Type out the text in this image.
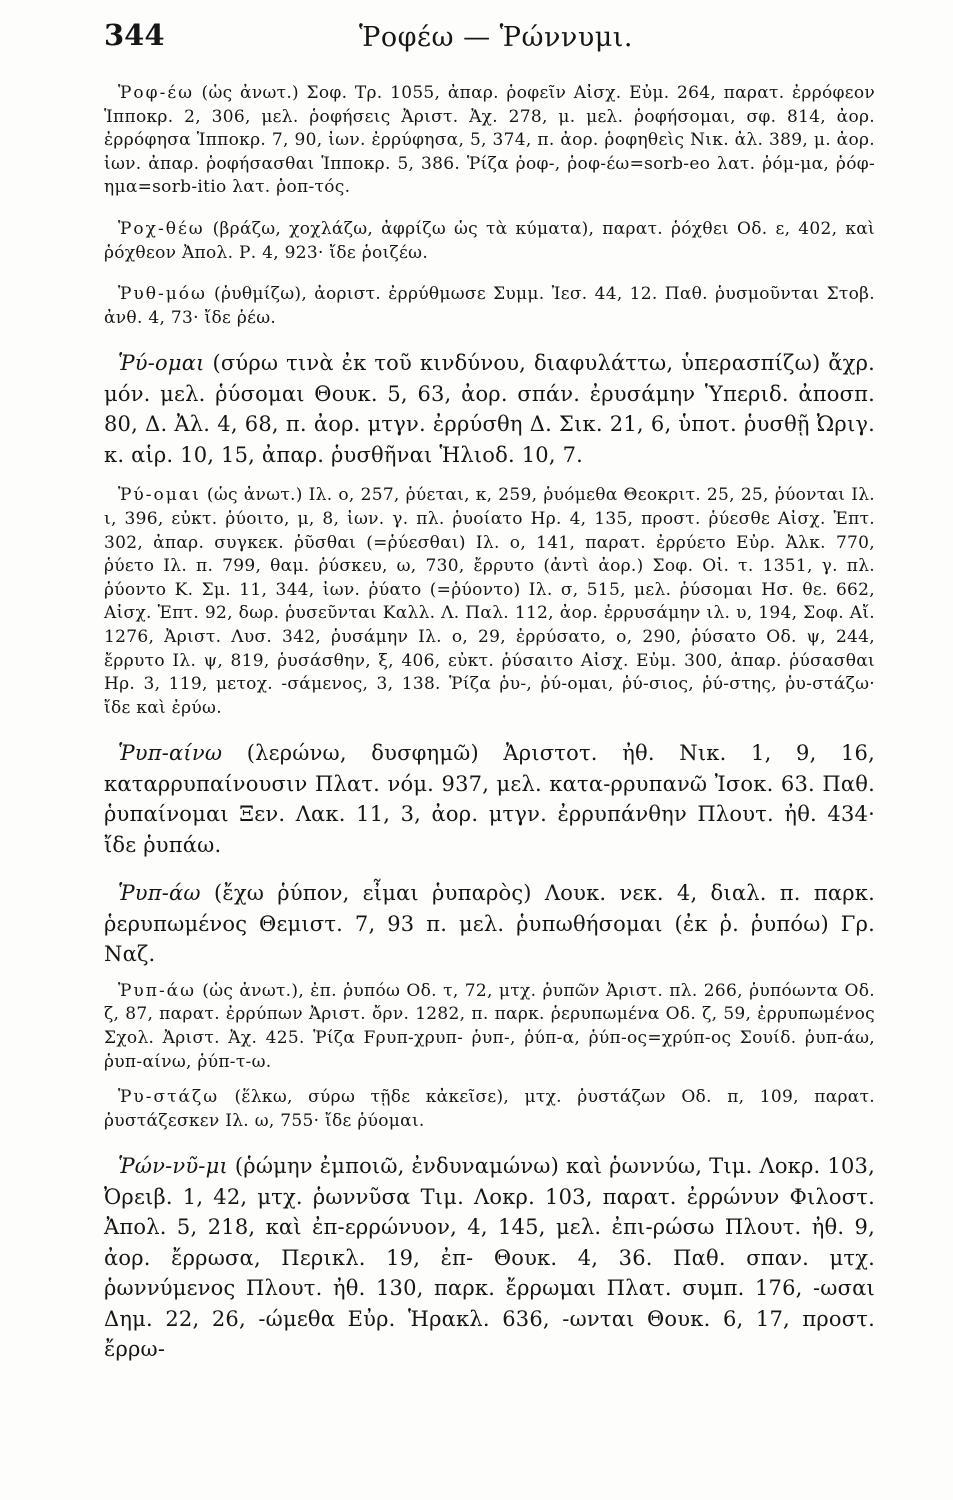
344	Ῥοφέω — Ῥώννυμι.

Ῥοφ-έω (ὡς ἀνωτ.) Σοφ. Τρ. 1055, ἀπαρ. ῥοφεῖν Αἰσχ. Εὐμ. 264, παρατ. ἐρρόφεον Ἱπποκρ. 2, 306, μελ. ῥοφήσεις Ἀριστ. Ἀχ. 278, μ. μελ. ῥοφήσομαι, σφ. 814, ἀορ. ἐρρόφησα Ἱπποκρ. 7, 90, ἰων. ἐρρύφησα, 5, 374, π. ἀορ. ῥοφηθεὶς Νικ. ἀλ. 389, μ. ἀορ. ἰων. ἀπαρ. ῥοφήσασθαι Ἱπποκρ. 5, 386. Ῥίζα ῥοφ-, ῥοφ-έω=sorb-eo λατ. ῥόμ-μα, ῥόφ-ημα=sorb-itio λατ. ῥοπ-τός.

Ῥοχ-θέω (βράζω, χοχλάζω, ἀφρίζω ὡς τὰ κύματα), παρατ. ῥόχθει Οδ. ε, 402, καὶ ῥόχθεον Ἀπολ. Ρ. 4, 923· ἴδε ῥοιζέω.

Ῥυθ-μόω (ῥυθμίζω), ἀοριστ. ἐρρύθμωσε Συμμ. Ἰεσ. 44, 12. Παθ. ῥυσμοῦνται Στοβ. ἀνθ. 4, 73· ἴδε ῥέω.

Ῥύ-ομαι (σύρω τινὰ ἐκ τοῦ κινδύνου, διαφυλάττω, ὑπερασπίζω) ἄχρ. μόν. μελ. ῥύσομαι Θουκ. 5, 63, ἀορ. σπάν. ἐρυσάμην Ὑπεριδ. ἀποσπ. 80, Δ. Ἀλ. 4, 68, π. ἀορ. μτγν. ἐρρύσθη Δ. Σικ. 21, 6, ὑποτ. ῥυσθῇ Ὠριγ. κ. αἱρ. 10, 15, ἀπαρ. ῥυσθῆναι Ἡλιοδ. 10, 7.

Ῥύ-ομαι (ὡς ἀνωτ.) Ιλ. ο, 257, ῥύεται, κ, 259, ῥυόμεθα Θεοκριτ. 25, 25, ῥύονται Ιλ. ι, 396, εὐκτ. ῥύοιτο, μ, 8, ἰων. γ. πλ. ῥυοίατο Ηρ. 4, 135, προστ. ῥύεσθε Αἰσχ. Ἑπτ. 302, ἀπαρ. συγκεκ. ῥῦσθαι (=ῥύεσθαι) Ιλ. ο, 141, παρατ. ἐρρύετο Εὐρ. Ἀλκ. 770, ῥύετο Ιλ. π. 799, θαμ. ῥύσκευ, ω, 730, ἔρρυτο (ἀντὶ ἀορ.) Σοφ. Οἰ. τ. 1351, γ. πλ. ῥύοντο Κ. Σμ. 11, 344, ἰων. ῥύατο (=ῥύοντο) Ιλ. σ, 515, μελ. ῥύσομαι Ησ. θε. 662, Αἰσχ. Ἑπτ. 92, δωρ. ῥυσεῦνται Καλλ. Λ. Παλ. 112, ἀορ. ἐρρυσάμην ιλ. υ, 194, Σοφ. Αἴ. 1276, Ἀριστ. Λυσ. 342, ῥυσάμην Ιλ. ο, 29, ἐρρύσατο, ο, 290, ῥύσατο Οδ. ψ, 244, ἔρρυτο Ιλ. ψ, 819, ῥυσάσθην, ξ, 406, εὐκτ. ῥύσαιτο Αἰσχ. Εὐμ. 300, ἀπαρ. ῥύσασθαι Ηρ. 3, 119, μετοχ. -σάμενος, 3, 138. Ῥίζα ῥυ-, ῥύ-ομαι, ῥύ-σιος, ῥύ-στης, ῥυ-στάζω· ἴδε καὶ ἐρύω.

Ῥυπ-αίνω (λερώνω, δυσφημῶ) Ἀριστοτ. ἠθ. Νικ. 1, 9, 16, καταρρυπαίνουσιν Πλατ. νόμ. 937, μελ. κατα-ρρυπανῶ Ἰσοκ. 63. Παθ. ῥυπαίνομαι Ξεν. Λακ. 11, 3, ἀορ. μτγν. ἐρρυπάνθην Πλουτ. ἠθ. 434· ἴδε ῥυπάω.

Ῥυπ-άω (ἔχω ῥύπον, εἶμαι ῥυπαρὸς) Λουκ. νεκ. 4, διαλ. π. παρκ. ῥερυπωμένος Θεμιστ. 7, 93 π. μελ. ῥυπωθήσομαι (ἐκ ῥ. ῥυπόω) Γρ. Ναζ.

Ῥυπ-άω (ὡς ἀνωτ.), ἐπ. ῥυπόω Οδ. τ, 72, μτχ. ῥυπῶν Ἀριστ. πλ. 266, ῥυπόωντα Οδ. ζ, 87, παρατ. ἐρρύπων Ἀριστ. ὄρν. 1282, π. παρκ. ῥερυπωμένα Οδ. ζ, 59, ἐρρυπωμένος Σχολ. Ἀριστ. Ἀχ. 425. Ῥίζα Fρυπ-χρυπ- ῥυπ-, ῥύπ-α, ῥύπ-ος=χρύπ-ος Σουίδ. ῥυπ-άω, ῥυπ-αίνω, ῥύπ-τ-ω.

Ῥυ-στάζω (ἕλκω, σύρω τῇδε κἀκεῖσε), μτχ. ῥυστάζων Οδ. π, 109, παρατ. ῥυστάζεσκεν Ιλ. ω, 755· ἴδε ῥύομαι.

Ῥών-νῦ-μι (ῥώμην ἐμποιῶ, ἐνδυναμώνω) καὶ ῥωννύω, Τιμ. Λοκρ. 103, Ὀρειβ. 1, 42, μτχ. ῥωννῦσα Τιμ. Λοκρ. 103, παρατ. ἐρρώνυν Φιλοστ. Ἀπολ. 5, 218, καὶ ἐπ-ερρώνυον, 4, 145, μελ. ἐπι-ρώσω Πλουτ. ἠθ. 9, ἀορ. ἔρρωσα, Περικλ. 19, ἐπ- Θουκ. 4, 36. Παθ. σπαν. μτχ. ῥωννύμενος Πλουτ. ἠθ. 130, παρκ. ἔρρωμαι Πλατ. συμπ. 176, -ωσαι Δημ. 22, 26, -ώμεθα Εὐρ. Ἡρακλ. 636, -ωνται Θουκ. 6, 17, προστ. ἔρρω-
